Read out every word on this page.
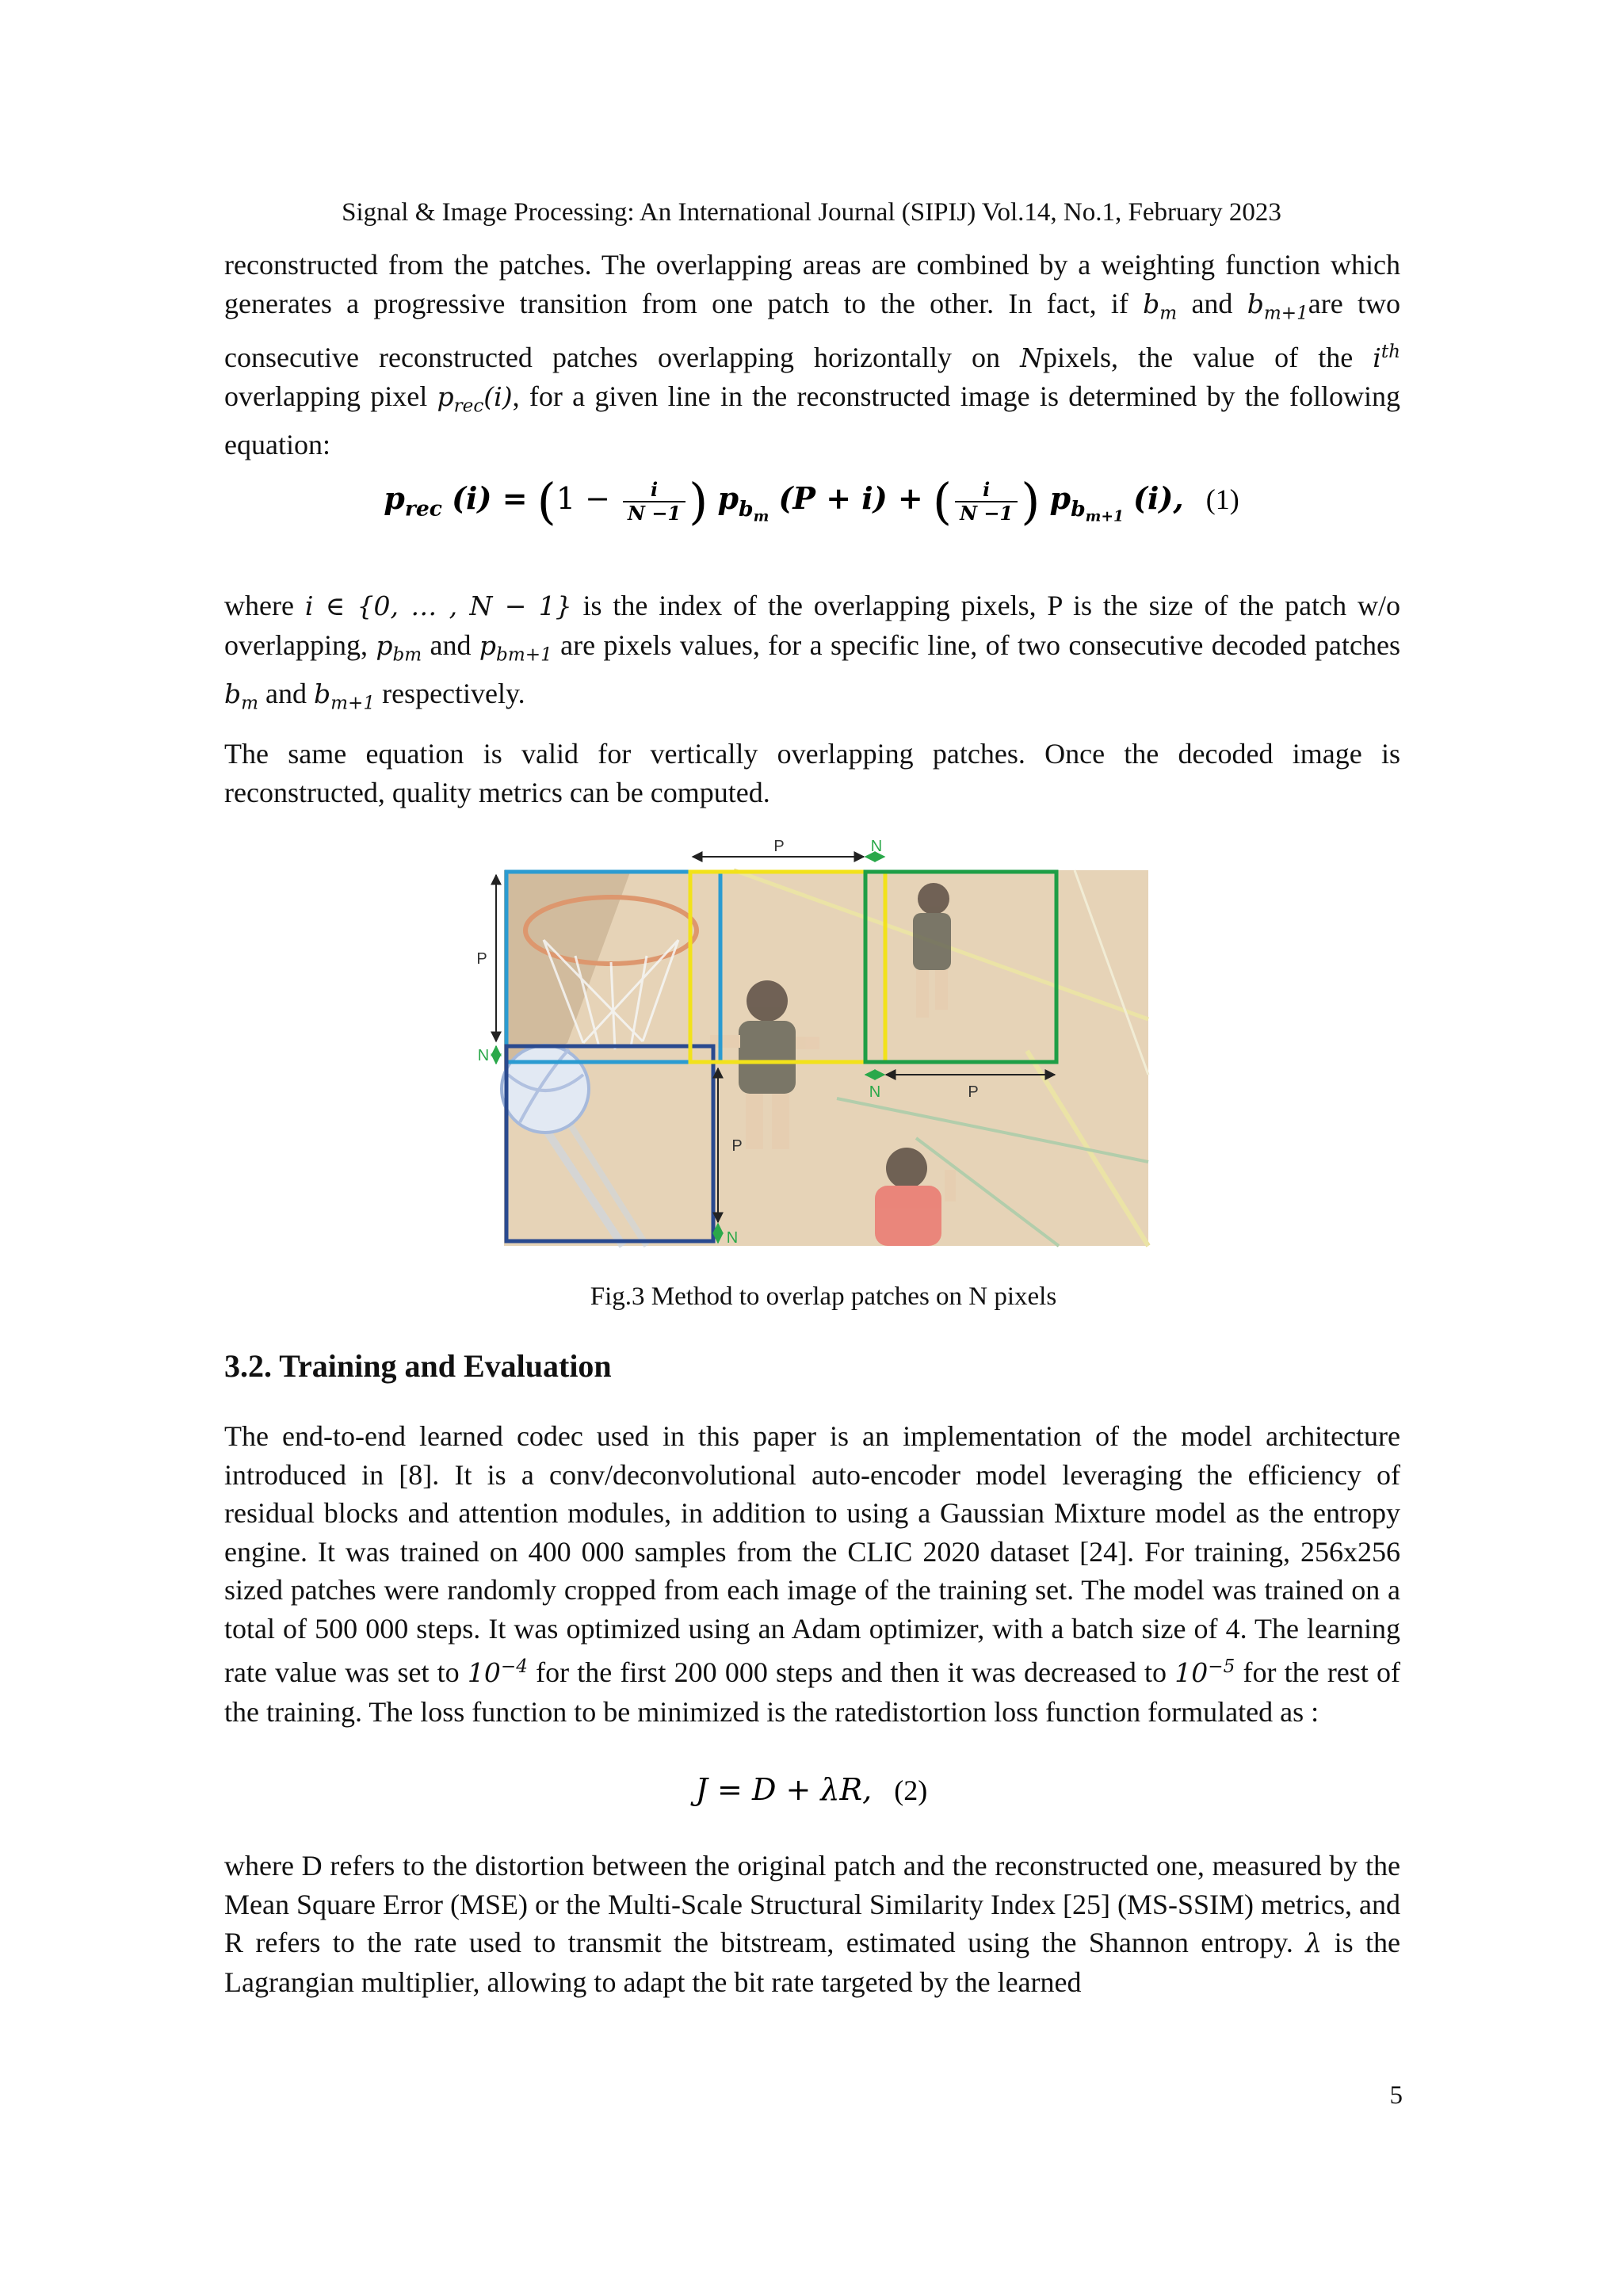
Signal & Image Processing: An International Journal (SIPIJ) Vol.14, No.1, February 2023

reconstructed from the patches. The overlapping areas are combined by a weighting function which generates a progressive transition from one patch to the other. In fact, if $b_m$ and $b_{m+1}are$ two consecutive reconstructed patches overlapping horizontally on Npixels, the value of the $i^{th}$ overlapping pixel $p_{rec}(i)$, for a given line in the reconstructed image is determined by the following equation:

$p_{rec}$ $(i) = (1 - \frac{i}{N -1}$ ) $p_{b_m}$ (P + i) + ( $\frac{i}{N -1}$ ) $p_{b_{m+1}}$ (i), (1)

where i ∈ {0, … , N − 1} is the index of the overlapping pixels, P is the size of the patch w/o overlapping, $p_{bm}$ and $p_{bm+1}$ are pixels values, for a specific line, of two consecutive decoded patches $b_m$ and $b_{m+1}$ respectively.

The same equation is valid for vertically overlapping patches. Once the decoded image is reconstructed, quality metrics can be computed.

P	N
P
N
P
N
N	P
Fig.3 Method to overlap patches on N pixels
3.2. Training and Evaluation

The end-to-end learned codec used in this paper is an implementation of the model architecture introduced in [8]. It is a conv/deconvolutional auto-encoder model leveraging the efficiency of residual blocks and attention modules, in addition to using a Gaussian Mixture model as the entropy engine. It was trained on 400 000 samples from the CLIC 2020 dataset [24]. For training, 256x256 sized patches were randomly cropped from each image of the training set. The model was trained on a total of 500 000 steps. It was optimized using an Adam optimizer, with a batch size of 4. The learning rate value was set to $10^{-4}$ for the first 200 000 steps and then it was decreased to $10^{-5}$ for the rest of the training. The loss function to be minimized is the ratedistortion loss function formulated as :

J = D + λR, (2)

where D refers to the distortion between the original patch and the reconstructed one, measured by the Mean Square Error (MSE) or the Multi-Scale Structural Similarity Index [25] (MS-SSIM) metrics, and R refers to the rate used to transmit the bitstream, estimated using the Shannon entropy. λ is the Lagrangian multiplier, allowing to adapt the bit rate targeted by the learned

5
